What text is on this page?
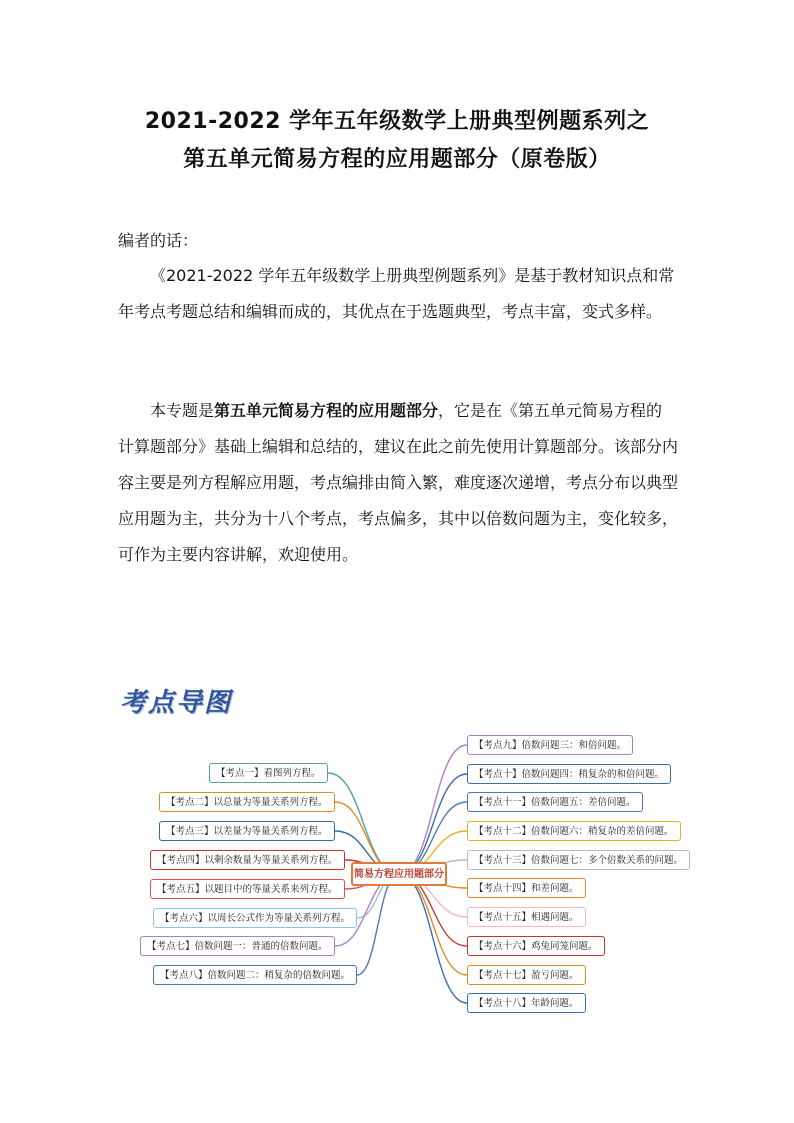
2021-2022 学年五年级数学上册典型例题系列之
第五单元简易方程的应用题部分（原卷版）
编者的话：

《2021-2022 学年五年级数学上册典型例题系列》是基于教材知识点和常年考点考题总结和编辑而成的，其优点在于选题典型，考点丰富，变式多样。

本专题是第五单元简易方程的应用题部分，它是在《第五单元简易方程的计算题部分》基础上编辑和总结的，建议在此之前先使用计算题部分。该部分内容主要是列方程解应用题，考点编排由简入繁，难度逐次递增，考点分布以典型应用题为主，共分为十八个考点，考点偏多，其中以倍数问题为主，变化较多，可作为主要内容讲解，欢迎使用。

考点导图
简易方程应用题部分
【考点一】看图列方程。
【考点二】以总量为等量关系列方程。
【考点三】以差量为等量关系列方程。
【考点四】以剩余数量为等量关系列方程。
【考点五】以题目中的等量关系来列方程。
【考点六】以周长公式作为等量关系列方程。
【考点七】倍数问题一：普通的倍数问题。
【考点八】倍数问题二：稍复杂的倍数问题。
【考点九】倍数问题三：和倍问题。
【考点十】倍数问题四：稍复杂的和倍问题。
【考点十一】倍数问题五：差倍问题。
【考点十二】倍数问题六：稍复杂的差倍问题。
【考点十三】倍数问题七：多个倍数关系的问题。
【考点十四】和差问题。
【考点十五】相遇问题。
【考点十六】鸡兔同笼问题。
【考点十七】盈亏问题。
【考点十八】年龄问题。
